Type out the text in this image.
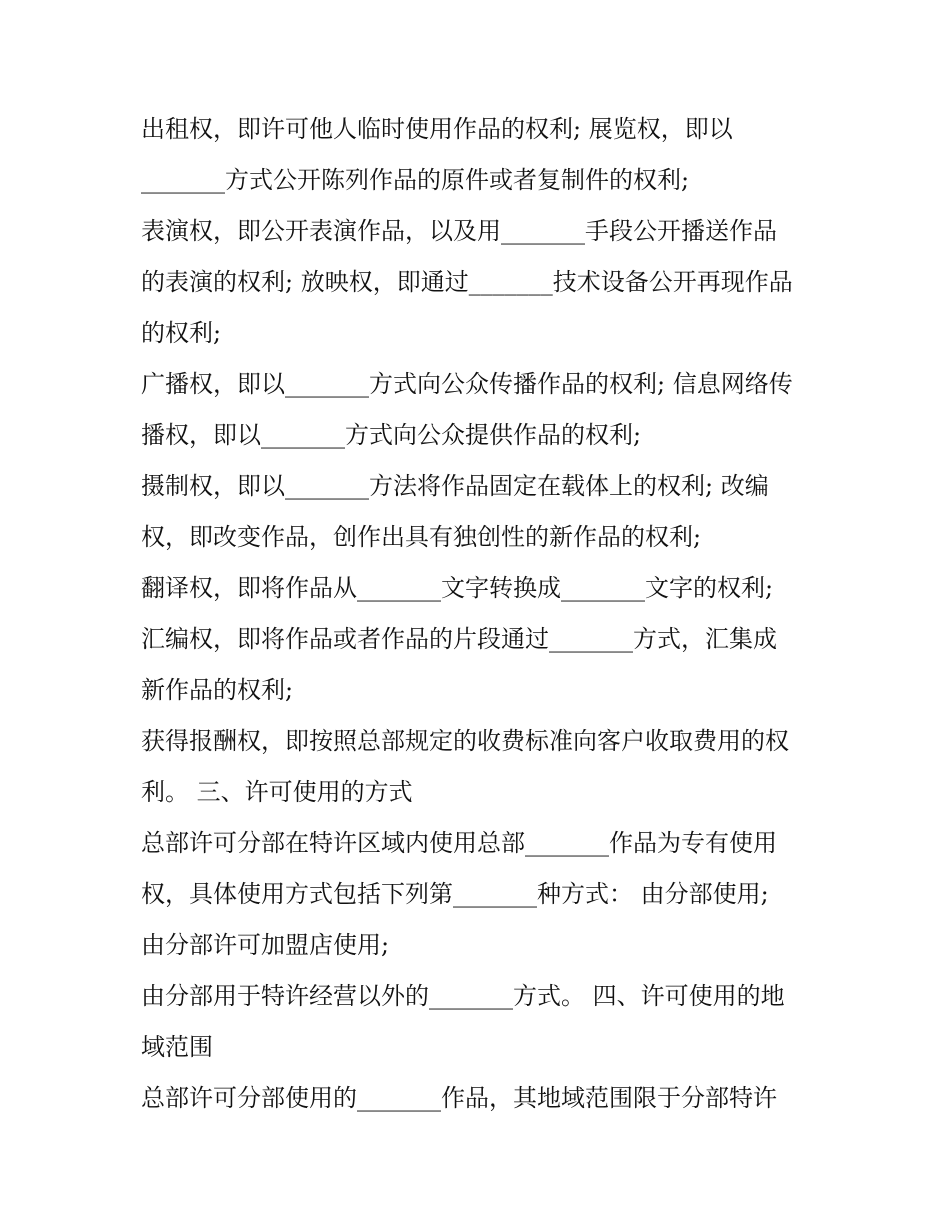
出租权，即许可他人临时使用作品的权利; 展览权，即以
_______方式公开陈列作品的原件或者复制件的权利;
表演权，即公开表演作品，以及用_______手段公开播送作品
的表演的权利; 放映权，即通过_______技术设备公开再现作品
的权利;
广播权，即以_______方式向公众传播作品的权利; 信息网络传
播权，即以_______方式向公众提供作品的权利;
摄制权，即以_______方法将作品固定在载体上的权利; 改编
权，即改变作品，创作出具有独创性的新作品的权利;
翻译权，即将作品从_______文字转换成_______文字的权利;
汇编权，即将作品或者作品的片段通过_______方式，汇集成
新作品的权利;
获得报酬权，即按照总部规定的收费标准向客户收取费用的权
利。 三、许可使用的方式
总部许可分部在特许区域内使用总部_______作品为专有使用
权，具体使用方式包括下列第_______种方式： 由分部使用;
由分部许可加盟店使用;
由分部用于特许经营以外的_______方式。 四、许可使用的地
域范围
总部许可分部使用的_______作品，其地域范围限于分部特许
